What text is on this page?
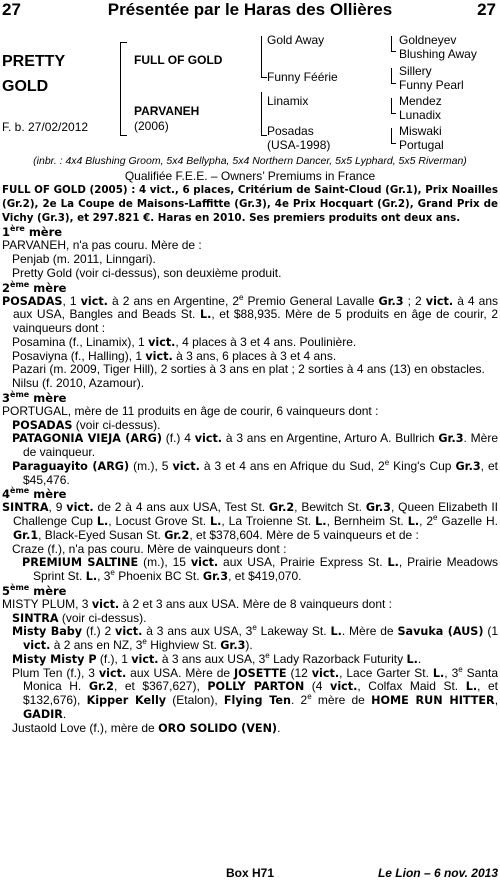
27	Présentée par le Haras des Ollières	27
PRETTY
GOLD
F. b. 27/02/2012
FULL OF GOLD
PARVANEH
(2006)
Gold Away
Funny Féérie
Linamix
Posadas
(USA-1998)
Goldneyev
Blushing Away
Sillery
Funny Pearl
Mendez
Lunadix
Miswaki
Portugal
(inbr. : 4x4 Blushing Groom, 5x4 Bellypha, 5x4 Northern Dancer, 5x5 Lyphard, 5x5 Riverman)
Qualifiée F.E.E. – Owners’ Premiums in France

FULL OF GOLD (2005) : 4 vict., 6 places, Critérium de Saint-Cloud (Gr.1), Prix Noailles (Gr.2), 2e La Coupe de Maisons-Laffitte (Gr.3), 4e Prix Hocquart (Gr.2), Grand Prix de Vichy (Gr.3), et 297.821 €. Haras en 2010. Ses premiers produits ont deux ans.

1ère mère

PARVANEH, n'a pas couru. Mère de :

Penjab (m. 2011, Linngari).

Pretty Gold (voir ci-dessus), son deuxième produit.

2ème mère

POSADAS, 1 vict. à 2 ans en Argentine, 2e Premio General Lavalle Gr.3 ; 2 vict. à 4 ans aux USA, Bangles and Beads St. L., et $88,935. Mère de 5 produits en âge de courir, 2 vainqueurs dont :

Posamina (f., Linamix), 1 vict., 4 places à 3 et 4 ans. Poulinière.

Posaviyna (f., Halling), 1 vict. à 3 ans, 6 places à 3 et 4 ans.

Pazari (m. 2009, Tiger Hill), 2 sorties à 3 ans en plat ; 2 sorties à 4 ans (13) en obstacles.

Nilsu (f. 2010, Azamour).

3ème mère

PORTUGAL, mère de 11 produits en âge de courir, 6 vainqueurs dont :

POSADAS (voir ci-dessus).

PATAGONIA VIEJA (ARG) (f.) 4 vict. à 3 ans en Argentine, Arturo A. Bullrich Gr.3. Mère de vainqueur.

Paraguayito (ARG) (m.), 5 vict. à 3 et 4 ans en Afrique du Sud, 2e King's Cup Gr.3, et $45,476.

4ème mère

SINTRA, 9 vict. de 2 à 4 ans aux USA, Test St. Gr.2, Bewitch St. Gr.3, Queen Elizabeth II Challenge Cup L., Locust Grove St. L., La Troienne St. L., Bernheim St. L., 2e Gazelle H. Gr.1, Black-Eyed Susan St. Gr.2, et $378,604. Mère de 5 vainqueurs et de :

Craze (f.), n'a pas couru. Mère de vainqueurs dont :

PREMIUM SALTINE (m.), 15 vict. aux USA, Prairie Express St. L., Prairie Meadows Sprint St. L., 3e Phoenix BC St. Gr.3, et $419,070.

5ème mère

MISTY PLUM, 3 vict. à 2 et 3 ans aux USA. Mère de 8 vainqueurs dont :

SINTRA (voir ci-dessus).

Misty Baby (f.) 2 vict. à 3 ans aux USA, 3e Lakeway St. L.. Mère de Savuka (AUS) (1 vict. à 2 ans en NZ, 3e Highview St. Gr.3).

Misty Misty P (f.), 1 vict. à 3 ans aux USA, 3e Lady Razorback Futurity L..

Plum Ten (f.), 3 vict. aux USA. Mère de JOSETTE (12 vict., Lace Garter St. L., 3e Santa Monica H. Gr.2, et $367,627), POLLY PARTON (4 vict., Colfax Maid St. L., et $132,676), Kipper Kelly (Etalon), Flying Ten. 2e mère de HOME RUN HITTER, GADIR.

Justaold Love (f.), mère de ORO SOLIDO (VEN).

Box H71	Le Lion – 6 nov. 2013
